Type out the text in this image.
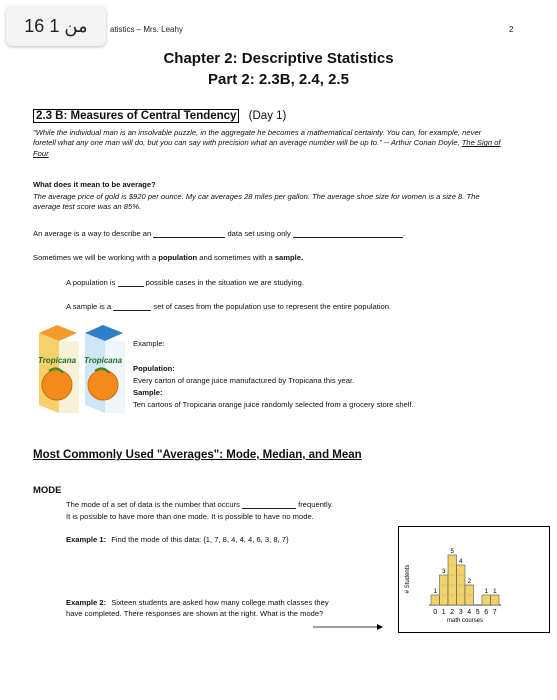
16 من 1	atistics – Mrs. Leahy	2
Chapter 2: Descriptive Statistics
Part 2: 2.3B, 2.4, 2.5
2.3 B: Measures of Central Tendency (Day 1)
"While the individual man is an insolvable puzzle, in the aggregate he becomes a mathematical certainty. You can, for example, never foretell what any one man will do, but you can say with precision what an average number will be up to." -- Arthur Conan Doyle, The Sign of Four
What does it mean to be average?
The average price of gold is $920 per ounce. My car averages 28 miles per gallon. The average shoe size for women is a size 8. The average test score was an 85%.
An average is a way to describe an	data set using only	.
Sometimes we will be working with a population and sometimes with a sample.
A population is	possible cases in the situation we are studying.
A sample is a	set of cases from the population use to represent the entire population.
Tropicana Tropicana
Example:
Population:
Every carton of orange juice manufactured by Tropicana this year.
Sample:
Ten cartons of Tropicana orange juice randomly selected from a grocery store shelf.
Most Commonly Used "Averages": Mode, Median, and Mean
MODE
The mode of a set of data is the number that occurs	frequently.
It is possible to have more than one mode. It is possible to have no mode.
Example 1: Find the mode of this data: {1, 7, 8, 4, 4, 4, 6, 3, 8, 7}
Example 2: Sixteen students are asked how many college math classes they
have completed. There responses are shown at the right. What is the mode?
# Students	1
0
3
1
5
2
4
3
2
4 5
1
6
1
7
math courses
